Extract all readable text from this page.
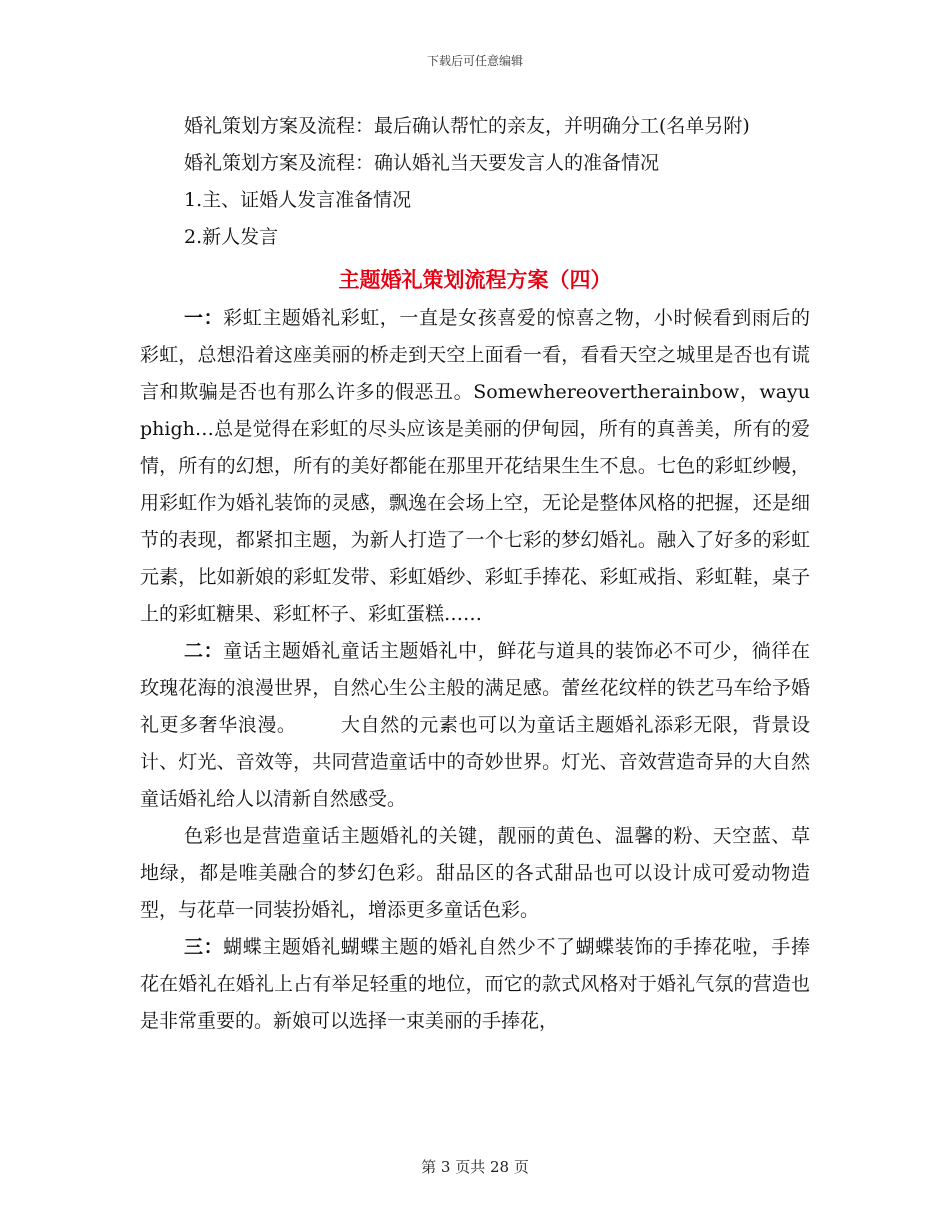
下载后可任意编辑

婚礼策划方案及流程：最后确认帮忙的亲友，并明确分工(名单另附)

婚礼策划方案及流程：确认婚礼当天要发言人的准备情况

1.主、证婚人发言准备情况

2.新人发言

主题婚礼策划流程方案（四）

一：彩虹主题婚礼彩虹，一直是女孩喜爱的惊喜之物，小时候看到雨后的彩虹，总想沿着这座美丽的桥走到天空上面看一看，看看天空之城里是否也有谎言和欺骗是否也有那么许多的假恶丑。Somewhereovertherainbow，wayuphigh…总是觉得在彩虹的尽头应该是美丽的伊甸园，所有的真善美，所有的爱情，所有的幻想，所有的美好都能在那里开花结果生生不息。七色的彩虹纱幔，用彩虹作为婚礼装饰的灵感，飘逸在会场上空，无论是整体风格的把握，还是细节的表现，都紧扣主题，为新人打造了一个七彩的梦幻婚礼。融入了好多的彩虹元素，比如新娘的彩虹发带、彩虹婚纱、彩虹手捧花、彩虹戒指、彩虹鞋，桌子上的彩虹糖果、彩虹杯子、彩虹蛋糕……

二：童话主题婚礼童话主题婚礼中，鲜花与道具的装饰必不可少，徜徉在玫瑰花海的浪漫世界，自然心生公主般的满足感。蕾丝花纹样的铁艺马车给予婚礼更多奢华浪漫。 大自然的元素也可以为童话主题婚礼添彩无限，背景设计、灯光、音效等，共同营造童话中的奇妙世界。灯光、音效营造奇异的大自然童话婚礼给人以清新自然感受。

色彩也是营造童话主题婚礼的关键，靓丽的黄色、温馨的粉、天空蓝、草地绿，都是唯美融合的梦幻色彩。甜品区的各式甜品也可以设计成可爱动物造型，与花草一同装扮婚礼，增添更多童话色彩。

三：蝴蝶主题婚礼蝴蝶主题的婚礼自然少不了蝴蝶装饰的手捧花啦，手捧花在婚礼在婚礼上占有举足轻重的地位，而它的款式风格对于婚礼气氛的营造也是非常重要的。新娘可以选择一束美丽的手捧花，

第 3 页共 28 页
